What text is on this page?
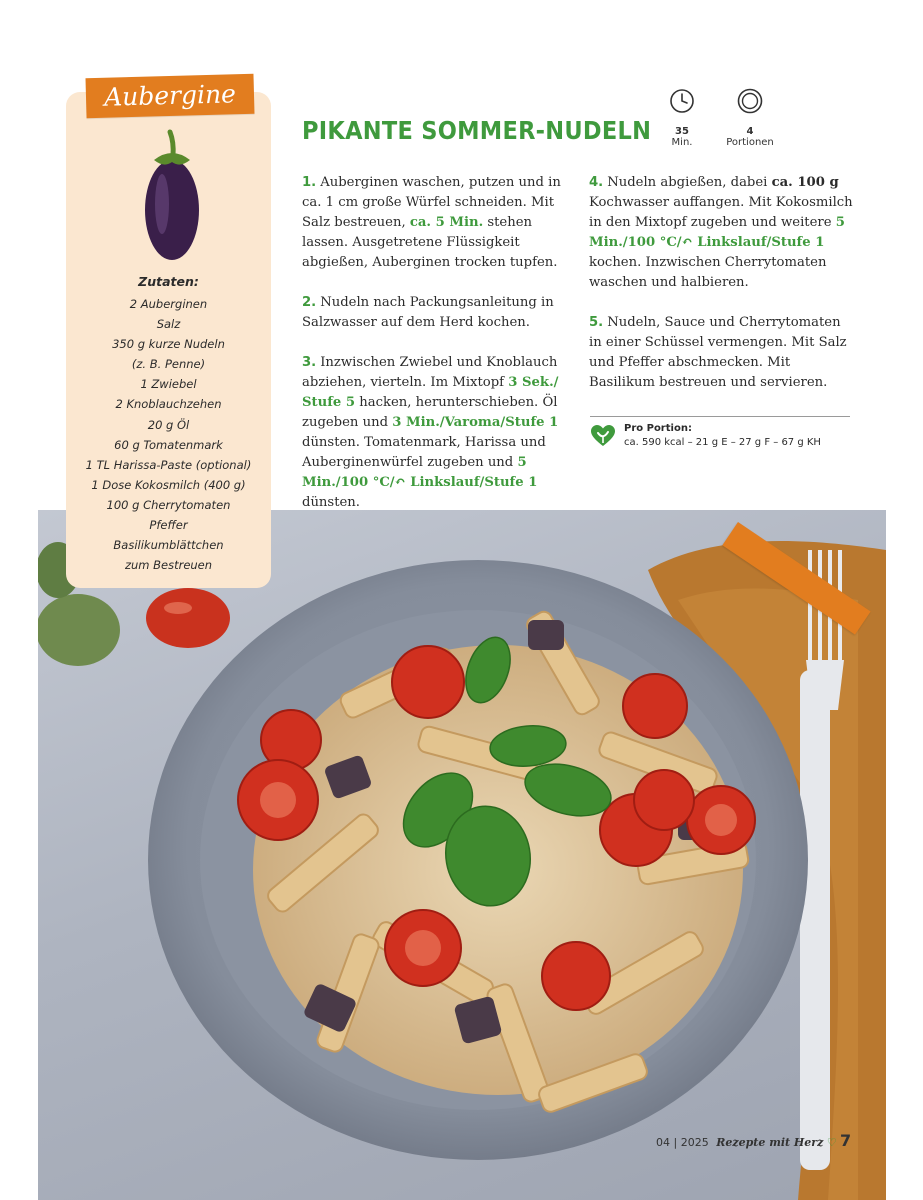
Aubergine
Zutaten:
2 Auberginen
Salz
350 g kurze Nudeln
(z. B. Penne)
1 Zwiebel
2 Knoblauchzehen
20 g Öl
60 g Tomatenmark
1 TL Harissa-Paste (optional)
1 Dose Kokosmilch (400 g)
100 g Cherrytomaten
Pfeffer
Basilikumblättchen
zum Bestreuen
PIKANTE SOMMER-NUDELN	35
Min.
4
Portionen

1. Auberginen waschen, putzen und in ca. 1 cm große Würfel schneiden. Mit Salz bestreuen, ca. 5 Min. stehen lassen. Ausgetretene Flüssigkeit abgießen, Auberginen trocken tupfen.

2. Nudeln nach Packungsanleitung in Salzwasser auf dem Herd kochen.

3. Inzwischen Zwiebel und Knoblauch abziehen, vierteln. Im Mixtopf 3 Sek./ Stufe 5 hacken, herunterschieben. Öl zugeben und 3 Min./Varoma/Stufe 1 dünsten. Tomatenmark, Harissa und Auberginenwürfel zugeben und 5 Min./100 °C/↶ Linkslauf/Stufe 1 dünsten.

4. Nudeln abgießen, dabei ca. 100 g Kochwasser auffangen. Mit Kokosmilch in den Mixtopf zugeben und weitere 5 Min./100 °C/↶ Linkslauf/Stufe 1 kochen. Inzwischen Cherrytomaten waschen und halbieren.

5. Nudeln, Sauce und Cherrytomaten in einer Schüssel vermengen. Mit Salz und Pfeffer abschmecken. Mit Basilikum bestreuen und servieren.

Pro Portion:
ca. 590 kcal – 21 g E – 27 g F – 67 g KH
04 | 2025 Rezepte mit Herz ♡ 7
